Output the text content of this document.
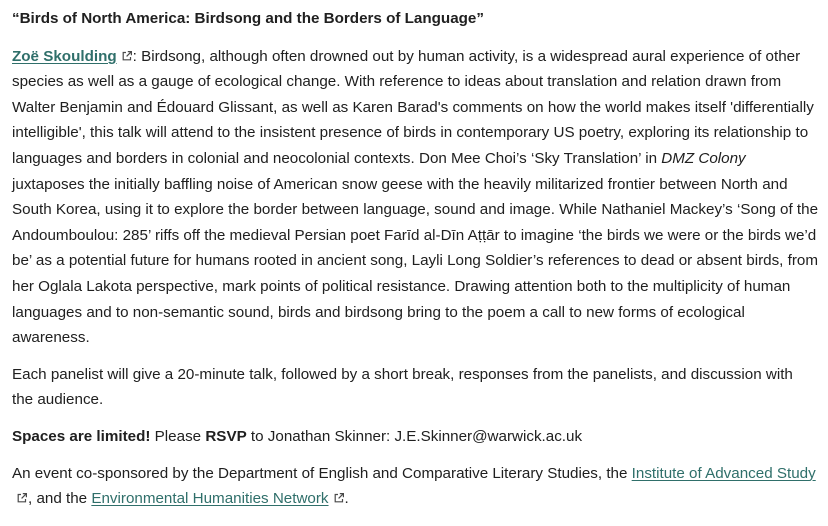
“Birds of North America: Birdsong and the Borders of Language”

Zoë Skoulding : Birdsong, although often drowned out by human activity, is a widespread aural experience of other species as well as a gauge of ecological change. With reference to ideas about translation and relation drawn from Walter Benjamin and Édouard Glissant, as well as Karen Barad's comments on how the world makes itself 'differentially intelligible', this talk will attend to the insistent presence of birds in contemporary US poetry, exploring its relationship to languages and borders in colonial and neocolonial contexts. Don Mee Choi’s ‘Sky Translation’ in DMZ Colony juxtaposes the initially baffling noise of American snow geese with the heavily militarized frontier between North and South Korea, using it to explore the border between language, sound and image. While Nathaniel Mackey’s ‘Song of the Andoumboulou: 285’ riffs off the medieval Persian poet Farīd al-Dīn Aṭṭār to imagine ‘the birds we were or the birds we’d be’ as a potential future for humans rooted in ancient song, Layli Long Soldier’s references to dead or absent birds, from her Oglala Lakota perspective, mark points of political resistance. Drawing attention both to the multiplicity of human languages and to non-semantic sound, birds and birdsong bring to the poem a call to new forms of ecological awareness.

Each panelist will give a 20-minute talk, followed by a short break, responses from the panelists, and discussion with the audience.

Spaces are limited! Please RSVP to Jonathan Skinner: J.E.Skinner@warwick.ac.uk

An event co-sponsored by the Department of English and Comparative Literary Studies, the Institute of Advanced Study
, and the Environmental Humanities Network .
